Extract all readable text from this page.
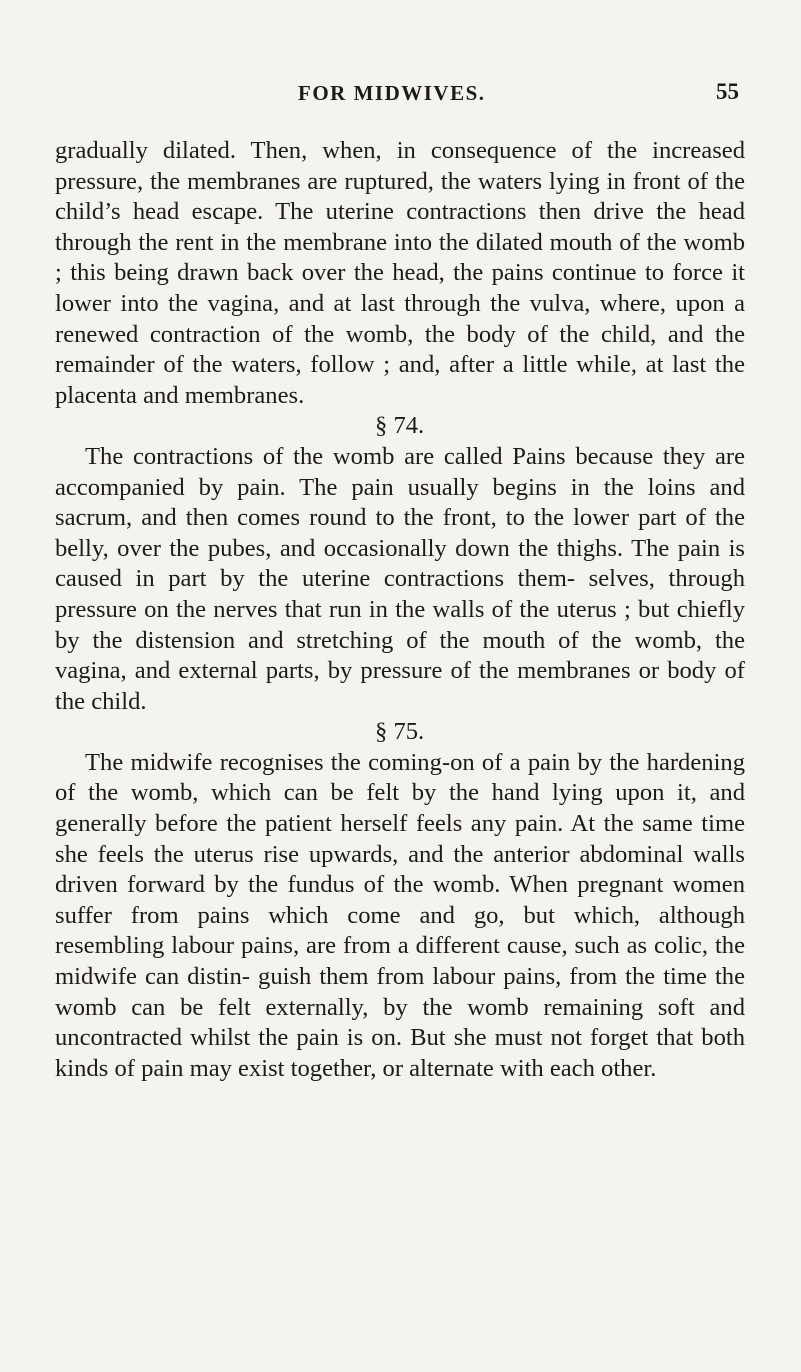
FOR MIDWIVES.	55

gradually dilated. Then, when, in consequence of the increased pressure, the membranes are ruptured, the waters lying in front of the child’s head escape. The uterine contractions then drive the head through the rent in the membrane into the dilated mouth of the womb ; this being drawn back over the head, the pains continue to force it lower into the vagina, and at last through the vulva, where, upon a renewed contraction of the womb, the body of the child, and the remainder of the waters, follow ; and, after a little while, at last the placenta and membranes.

§ 74.

The contractions of the womb are called Pains because they are accompanied by pain. The pain usually begins in the loins and sacrum, and then comes round to the front, to the lower part of the belly, over the pubes, and occasionally down the thighs. The pain is caused in part by the uterine contractions them- selves, through pressure on the nerves that run in the walls of the uterus ; but chiefly by the distension and stretching of the mouth of the womb, the vagina, and external parts, by pressure of the membranes or body of the child.

§ 75.

The midwife recognises the coming-on of a pain by the hardening of the womb, which can be felt by the hand lying upon it, and generally before the patient herself feels any pain. At the same time she feels the uterus rise upwards, and the anterior abdominal walls driven forward by the fundus of the womb. When pregnant women suffer from pains which come and go, but which, although resembling labour pains, are from a different cause, such as colic, the midwife can distin- guish them from labour pains, from the time the womb can be felt externally, by the womb remaining soft and uncontracted whilst the pain is on. But she must not forget that both kinds of pain may exist together, or alternate with each other.
